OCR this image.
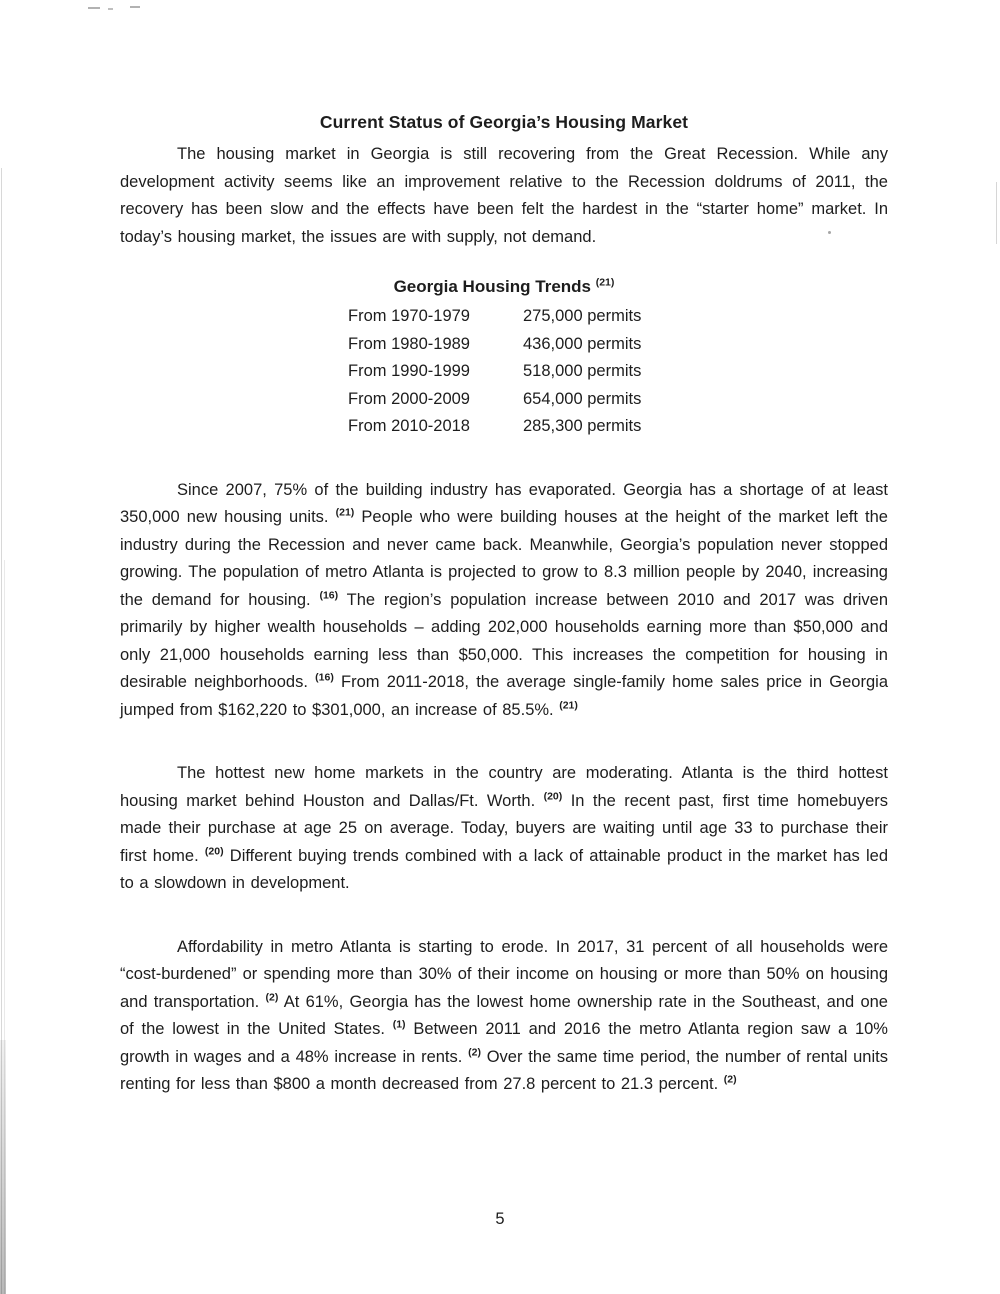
Current Status of Georgia’s Housing Market

The housing market in Georgia is still recovering from the Great Recession. While any development activity seems like an improvement relative to the Recession doldrums of 2011, the recovery has been slow and the effects have been felt the hardest in the “starter home” market. In today’s housing market, the issues are with supply, not demand.

Georgia Housing Trends $^{(21)}$
From 1970-1979	275,000 permits
From 1980-1989	436,000 permits
From 1990-1999	518,000 permits
From 2000-2009	654,000 permits
From 2010-2018	285,300 permits

Since 2007, 75% of the building industry has evaporated. Georgia has a shortage of at least 350,000 new housing units. $^{(21)}$ People who were building houses at the height of the market left the industry during the Recession and never came back. Meanwhile, Georgia’s population never stopped growing. The population of metro Atlanta is projected to grow to 8.3 million people by 2040, increasing the demand for housing. $^{(16)}$ The region’s population increase between 2010 and 2017 was driven primarily by higher wealth households – adding 202,000 households earning more than $50,000 and only 21,000 households earning less than $50,000. This increases the competition for housing in desirable neighborhoods. $^{(16)}$ From 2011-2018, the average single-family home sales price in Georgia jumped from $162,220 to $301,000, an increase of 85.5%. $^{(21)}$

The hottest new home markets in the country are moderating. Atlanta is the third hottest housing market behind Houston and Dallas/Ft. Worth. $^{(20)}$ In the recent past, first time homebuyers made their purchase at age 25 on average. Today, buyers are waiting until age 33 to purchase their first home. $^{(20)}$ Different buying trends combined with a lack of attainable product in the market has led to a slowdown in development.

Affordability in metro Atlanta is starting to erode. In 2017, 31 percent of all households were “cost-burdened” or spending more than 30% of their income on housing or more than 50% on housing and transportation. $^{(2)}$ At 61%, Georgia has the lowest home ownership rate in the Southeast, and one of the lowest in the United States. $^{(1)}$ Between 2011 and 2016 the metro Atlanta region saw a 10% growth in wages and a 48% increase in rents. $^{(2)}$ Over the same time period, the number of rental units renting for less than $800 a month decreased from 27.8 percent to 21.3 percent. $^{(2)}$

5
